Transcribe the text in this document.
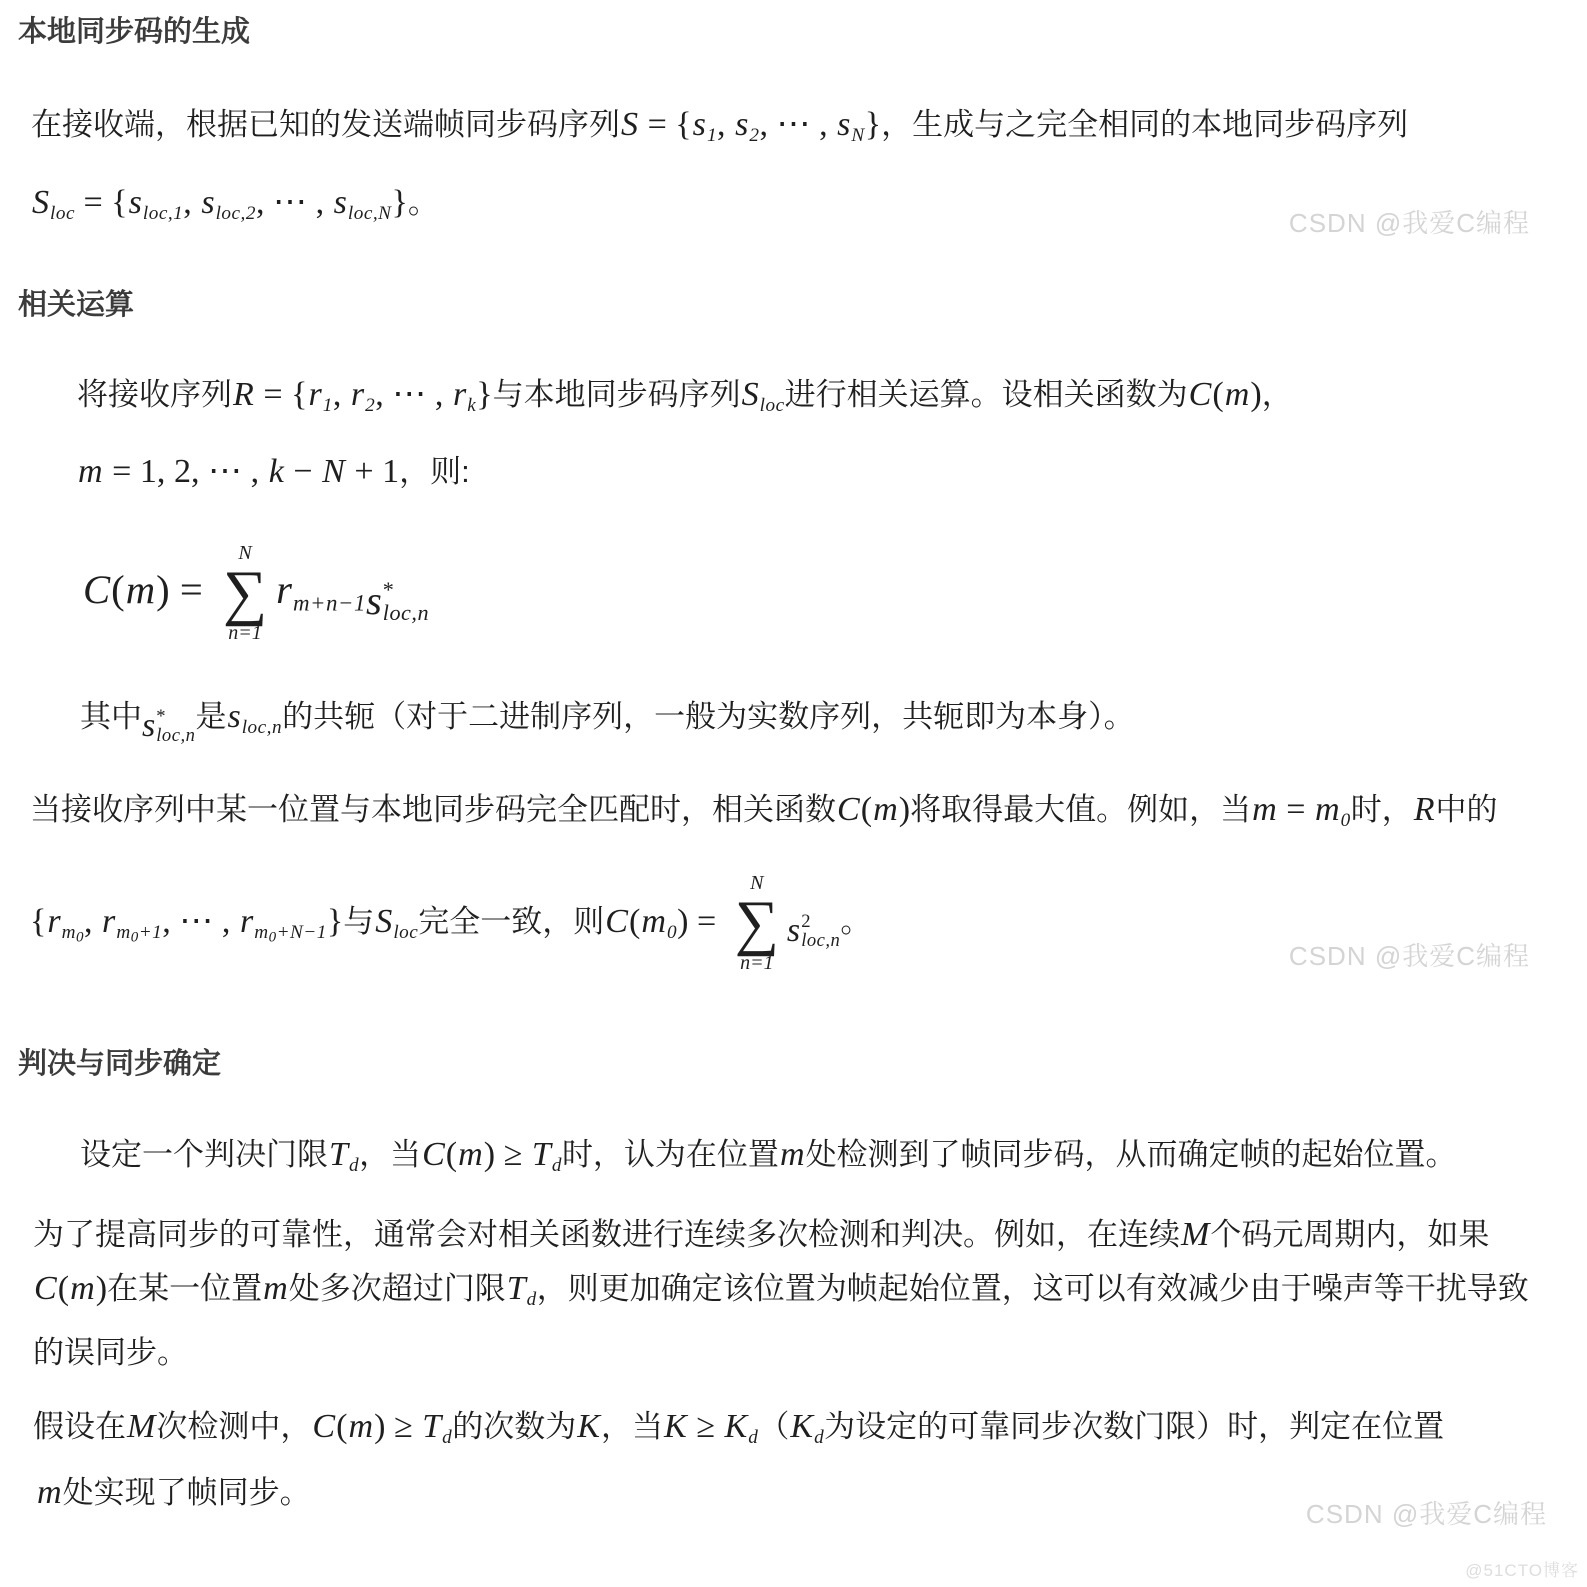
本地同步码的生成
在接收端，根据已知的发送端帧同步码序列S = {s1, s2, ⋯ , sN}，生成与之完全相同的本地同步码序列
Sloc = {sloc,1, sloc,2, ⋯ , sloc,N}。
CSDN @我爱C编程
相关运算
将接收序列R = {r1, r2, ⋯ , rk}与本地同步码序列Sloc进行相关运算。设相关函数为C(m)，
m = 1, 2, ⋯ , k − N + 1，则:
C(m) =
N
∑
n=1
rm+n−1 s *
loc,n
其中 s *
loc,n
是sloc,n的共轭（对于二进制序列，一般为实数序列，共轭即为本身）。
当接收序列中某一位置与本地同步码完全匹配时，相关函数C(m)将取得最大值。例如，当m = m0时，R中的
{rm0, rm0+1, ⋯ , rm0+N−1}与Sloc完全一致，则C(m0) =
N
∑
n=1
s 2
loc,n
。
CSDN @我爱C编程
判决与同步确定
设定一个判决门限Td，当C(m) ≥ Td时，认为在位置m处检测到了帧同步码，从而确定帧的起始位置。
为了提高同步的可靠性，通常会对相关函数进行连续多次检测和判决。例如，在连续M个码元周期内，如果
C(m)在某一位置m处多次超过门限Td，则更加确定该位置为帧起始位置，这可以有效减少由于噪声等干扰导致
的误同步。
假设在M次检测中，C(m) ≥ Td的次数为K，当K ≥ Kd（Kd为设定的可靠同步次数门限）时，判定在位置
m处实现了帧同步。
CSDN @我爱C编程
@51CTO博客
